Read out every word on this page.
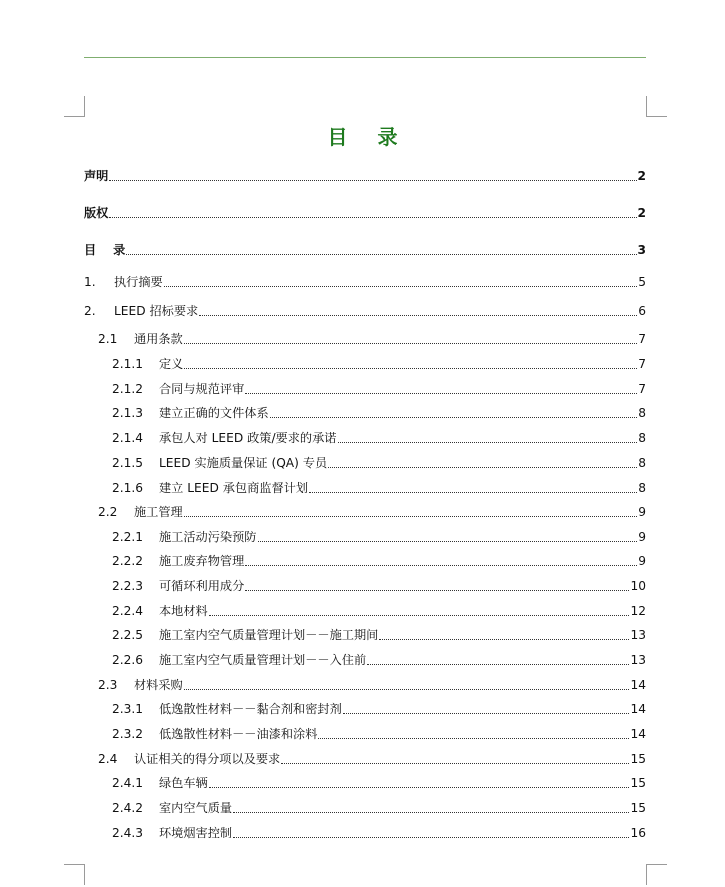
目 录
声明	2
版权	2
目    录	3
1.	执行摘要	5
2.	LEED 招标要求	6
2.1	通用条款	7
2.1.1	定义	7
2.1.2	合同与规范评审	7
2.1.3	建立正确的文件体系	8
2.1.4	承包人对 LEED 政策/要求的承诺	8
2.1.5	LEED 实施质量保证 (QA) 专员	8
2.1.6	建立 LEED 承包商监督计划	8
2.2	施工管理	9
2.2.1	施工活动污染预防	9
2.2.2	施工废弃物管理	9
2.2.3	可循环利用成分	10
2.2.4	本地材料	12
2.2.5	施工室内空气质量管理计划－－施工期间	13
2.2.6	施工室内空气质量管理计划－－入住前	13
2.3	材料采购	14
2.3.1	低逸散性材料－－黏合剂和密封剂	14
2.3.2	低逸散性材料－－油漆和涂料	14
2.4	认证相关的得分项以及要求	15
2.4.1	绿色车辆	15
2.4.2	室内空气质量	15
2.4.3	环境烟害控制	16
